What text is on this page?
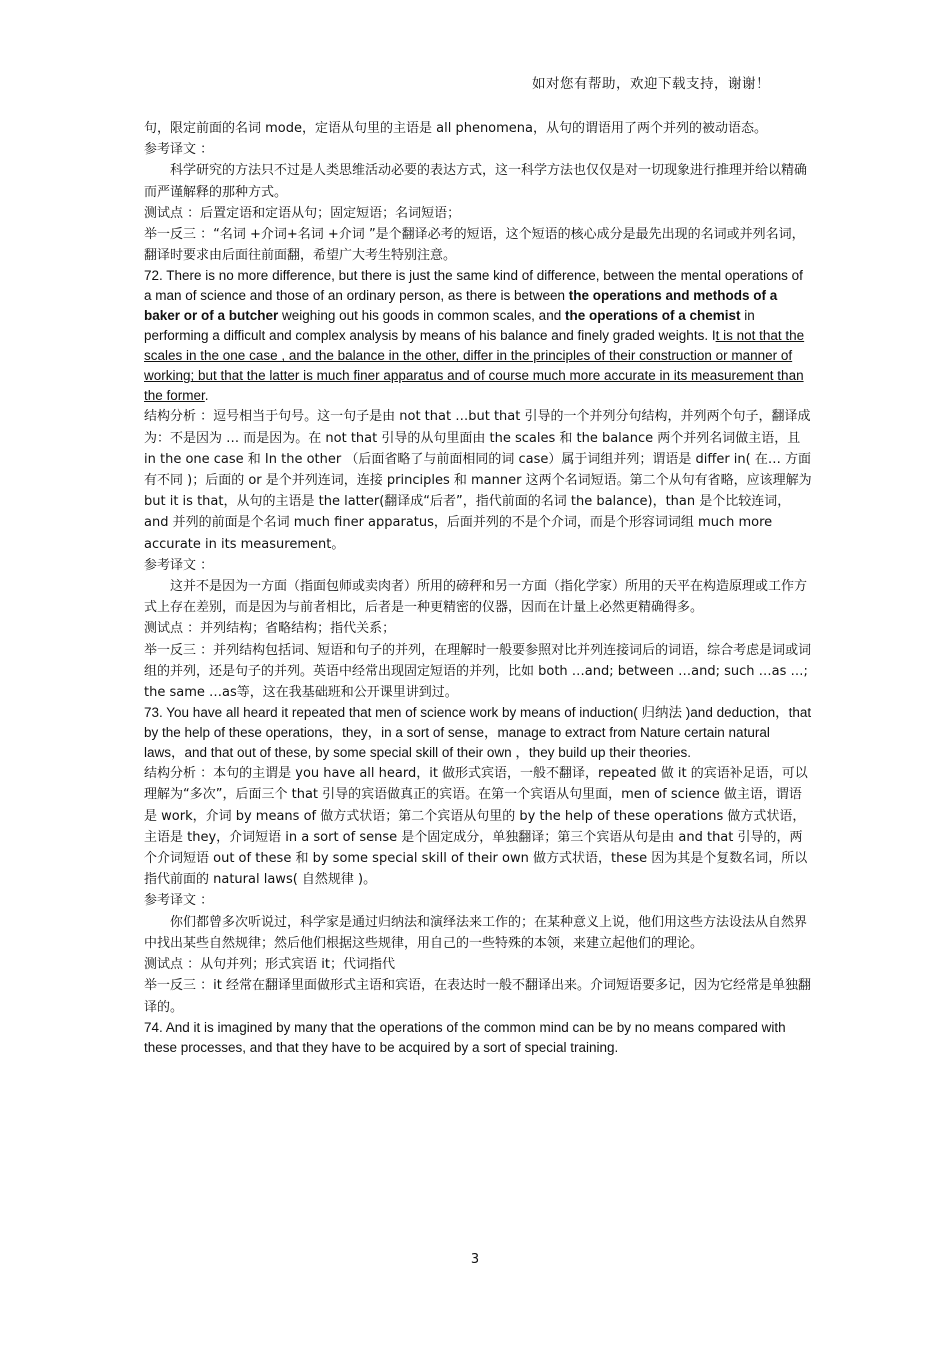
如对您有帮助，欢迎下载支持，谢谢！

句，限定前面的名词 mode，定语从句里的主语是 all phenomena，从句的谓语用了两个并列的被动语态。

参考译文 ：

科学研究的方法只不过是人类思维活动必要的表达方式，这一科学方法也仅仅是对一切现象进行推理并给以精确而严谨解释的那种方式。

测试点 ：后置定语和定语从句；固定短语；名词短语；

举一反三 ：“名词 +介词+名词 +介词 ”是个翻译必考的短语，这个短语的核心成分是最先出现的名词或并列名词，翻译时要求由后面往前面翻，希望广大考生特别注意。

72. There is no more difference, but there is just the same kind of difference, between the mental operations of a man of science and those of an ordinary person, as there is between the operations and methods of a baker or of a butcher weighing out his goods in common scales, and the operations of a chemist in performing a difficult and complex analysis by means of his balance and finely graded weights. It is not that the scales in the one case , and the balance in the other, differ in the principles of their construction or manner of working; but that the latter is much finer apparatus and of course much more accurate in its measurement than the former.

结构分析 ：逗号相当于句号。这一句子是由 not that …but that 引导的一个并列分句结构，并列两个句子，翻译成为：不是因为 … 而是因为。在 not that 引导的从句里面由 the scales 和 the balance 两个并列名词做主语，且 in the one case 和 In the other （后面省略了与前面相同的词 case）属于词组并列；谓语是 differ in( 在… 方面有不同 )；后面的 or 是个并列连词，连接 principles 和 manner 这两个名词短语。第二个从句有省略，应该理解为 but it is that，从句的主语是 the latter(翻译成“后者”，指代前面的名词 the balance)，than 是个比较连词，and 并列的前面是个名词 much finer apparatus，后面并列的不是个介词，而是个形容词词组 much more accurate in its measurement。

参考译文 ：

这并不是因为一方面（指面包师或卖肉者）所用的磅秤和另一方面（指化学家）所用的天平在构造原理或工作方式上存在差别，而是因为与前者相比，后者是一种更精密的仪器，因而在计量上必然更精确得多。

测试点 ：并列结构；省略结构；指代关系；

举一反三 ：并列结构包括词、短语和句子的并列，在理解时一般要参照对比并列连接词后的词语，综合考虑是词或词组的并列，还是句子的并列。英语中经常出现固定短语的并列，比如 both …and; between …and; such …as …; the same …as等，这在我基础班和公开课里讲到过。

73. You have all heard it repeated that men of science work by means of induction( 归纳法 )and deduction，that by the help of these operations，they，in a sort of sense，manage to extract from Nature certain natural laws，and that out of these, by some special skill of their own ，they build up their theories.

结构分析 ：本句的主谓是 you have all heard，it 做形式宾语，一般不翻译，repeated 做 it 的宾语补足语，可以理解为“多次”，后面三个 that 引导的宾语做真正的宾语。在第一个宾语从句里面，men of science 做主语，谓语是 work，介词 by means of 做方式状语；第二个宾语从句里的 by the help of these operations 做方式状语，主语是 they，介词短语 in a sort of sense 是个固定成分，单独翻译；第三个宾语从句是由 and that 引导的，两个介词短语 out of these 和 by some special skill of their own 做方式状语，these 因为其是个复数名词，所以指代前面的 natural laws( 自然规律 )。

参考译文 ：

你们都曾多次听说过，科学家是通过归纳法和演绎法来工作的；在某种意义上说，他们用这些方法设法从自然界中找出某些自然规律；然后他们根据这些规律，用自己的一些特殊的本领，来建立起他们的理论。

测试点 ：从句并列；形式宾语 it；代词指代

举一反三 ：it 经常在翻译里面做形式主语和宾语，在表达时一般不翻译出来。介词短语要多记，因为它经常是单独翻译的。

74. And it is imagined by many that the operations of the common mind can be by no means compared with these processes, and that they have to be acquired by a sort of special training.

3
